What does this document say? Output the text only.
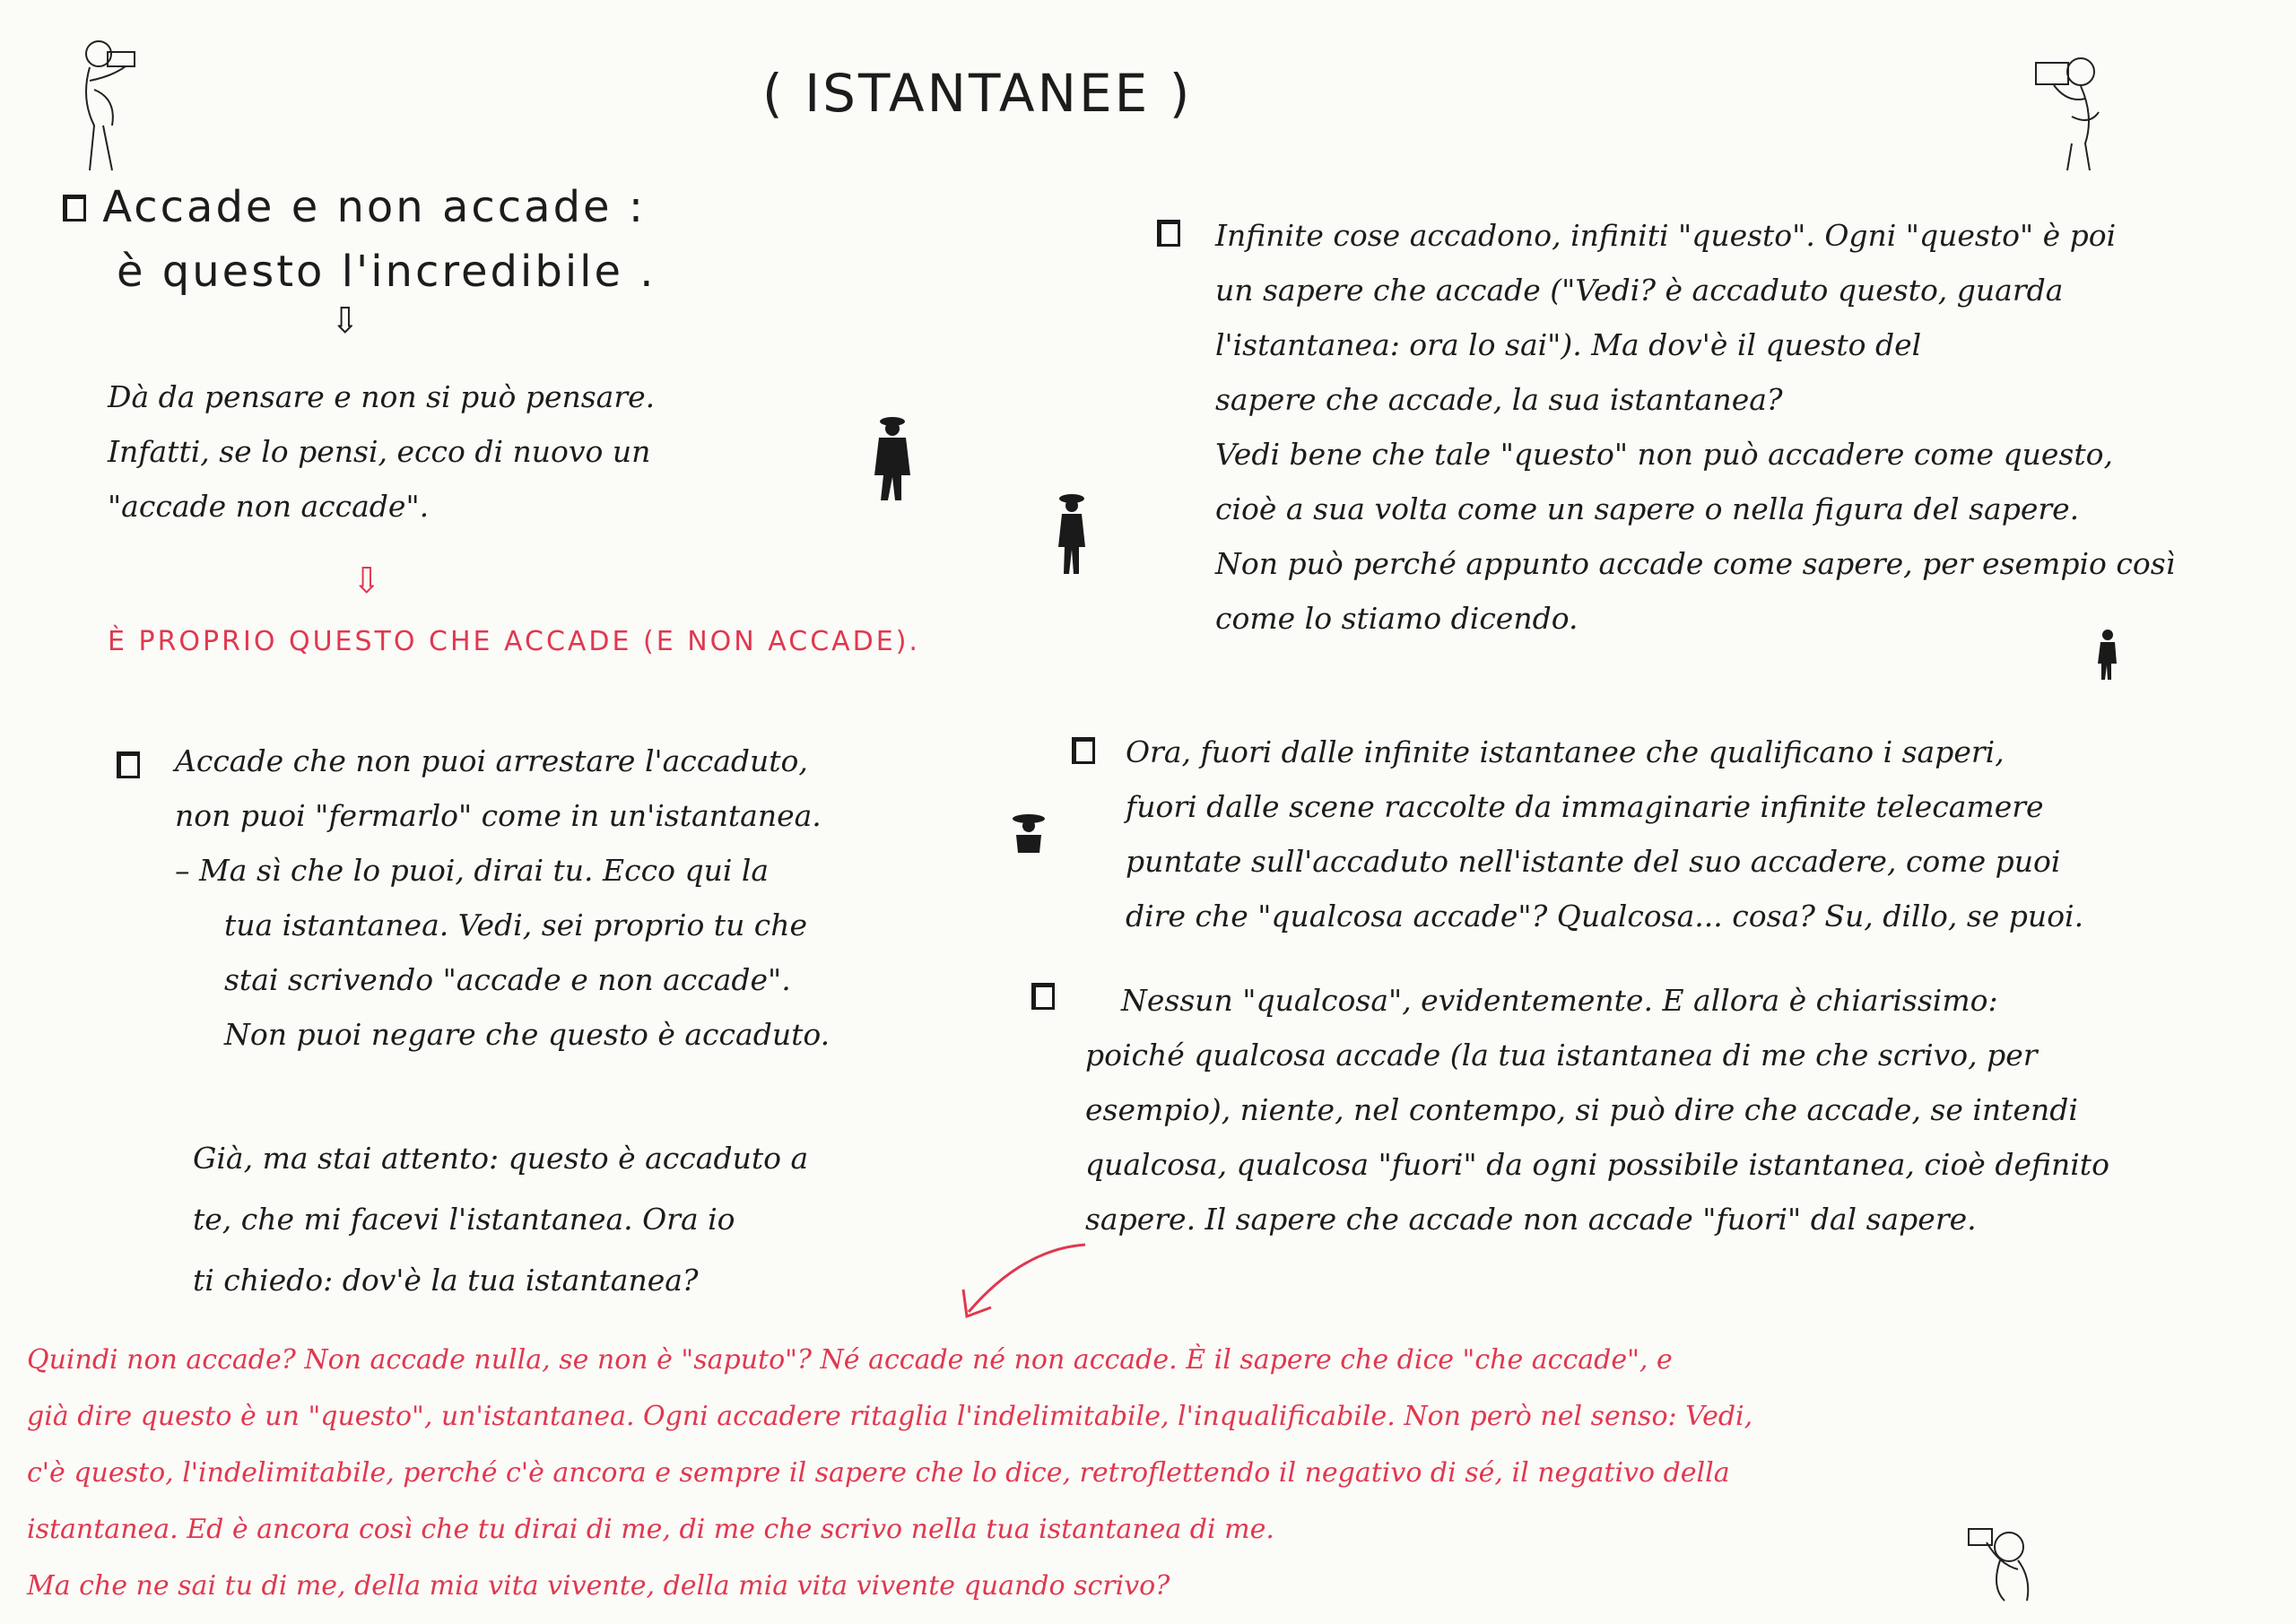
( ISTANTANEE )
Accade e non accade :
è questo l'incredibile .
⇩
Dà da pensare e non si può pensare.
Infatti, se lo pensi, ecco di nuovo un
"accade non accade".
⇩
È PROPRIO QUESTO CHE ACCADE (E NON ACCADE).
Accade che non puoi arrestare l'accaduto,
non puoi "fermarlo" come in un'istantanea.
– Ma sì che lo puoi, dirai tu. Ecco qui la
tua istantanea. Vedi, sei proprio tu che
stai scrivendo "accade e non accade".
Non puoi negare che questo è accaduto.
Già, ma stai attento: questo è accaduto a
te, che mi facevi l'istantanea. Ora io
ti chiedo: dov'è la tua istantanea?
Infinite cose accadono, infiniti "questo". Ogni "questo" è poi
un sapere che accade ("Vedi? è accaduto questo, guarda
l'istantanea: ora lo sai"). Ma dov'è il questo del
sapere che accade, la sua istantanea?
Vedi bene che tale "questo" non può accadere come questo,
cioè a sua volta come un sapere o nella figura del sapere.
Non può perché appunto accade come sapere, per esempio così
come lo stiamo dicendo.
Ora, fuori dalle infinite istantanee che qualificano i saperi,
fuori dalle scene raccolte da immaginarie infinite telecamere
puntate sull'accaduto nell'istante del suo accadere, come puoi
dire che "qualcosa accade"? Qualcosa... cosa? Su, dillo, se puoi.
Nessun "qualcosa", evidentemente. E allora è chiarissimo:
poiché qualcosa accade (la tua istantanea di me che scrivo, per
esempio), niente, nel contempo, si può dire che accade, se intendi
qualcosa, qualcosa "fuori" da ogni possibile istantanea, cioè definito
sapere. Il sapere che accade non accade "fuori" dal sapere.
Quindi non accade? Non accade nulla, se non è "saputo"? Né accade né non accade. È il sapere che dice "che accade", e
già dire questo è un "questo", un'istantanea. Ogni accadere ritaglia l'indelimitabile, l'inqualificabile. Non però nel senso: Vedi,
c'è questo, l'indelimitabile, perché c'è ancora e sempre il sapere che lo dice, retroflettendo il negativo di sé, il negativo della
istantanea. Ed è ancora così che tu dirai di me, di me che scrivo nella tua istantanea di me.
Ma che ne sai tu di me, della mia vita vivente, della mia vita vivente quando scrivo?
